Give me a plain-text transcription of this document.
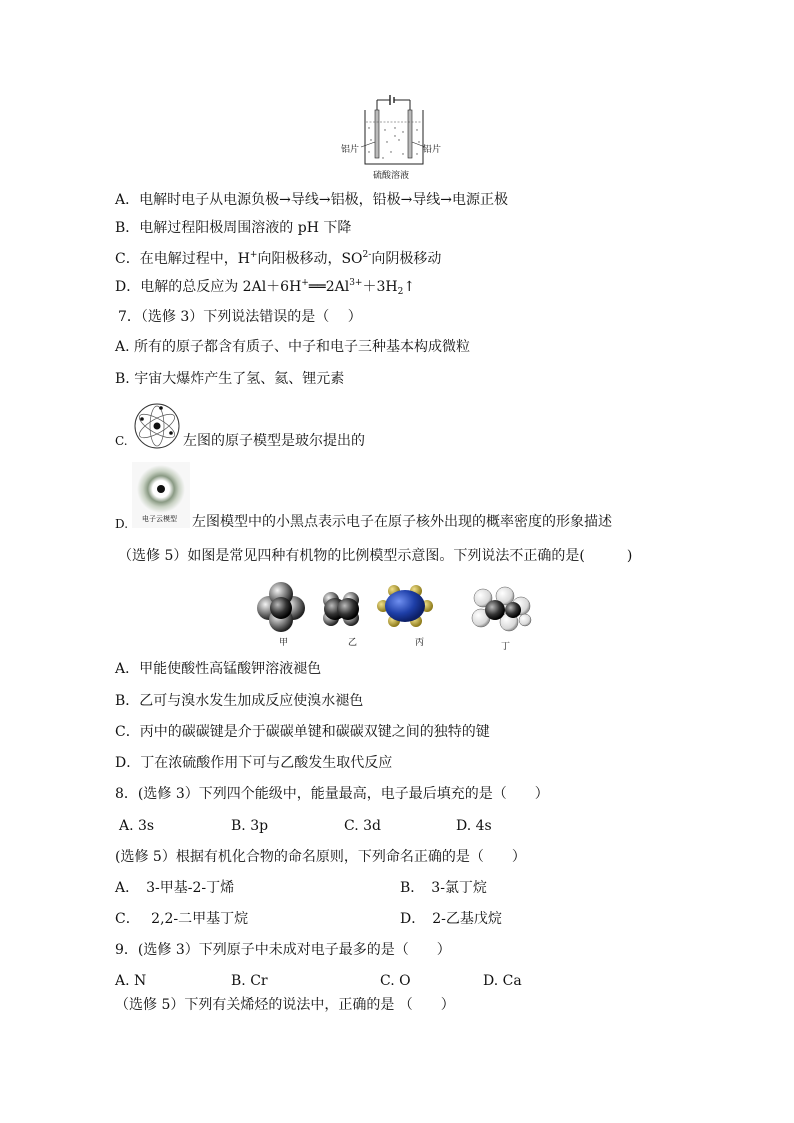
铝片	铅片
硫酸溶液
A．电解时电子从电源负极→导线→铝极，铅极→导线→电源正极
B．电解过程阳极周围溶液的 pH 下降
C．在电解过程中，H+向阳极移动，$SO^{2-}$向阴极移动
D．电解的总反应为 $2Al+6H^+══2Al^{3+}+3H_2↑$
7．（选修 3）下列说法错误的是（　 ）
A. 所有的原子都含有质子、中子和电子三种基本构成微粒
B. 宇宙大爆炸产生了氢、氦、锂元素
C.	左图的原子模型是玻尔提出的
D. 电子云模型 左图模型中的小黑点表示电子在原子核外出现的概率密度的形象描述
（选修 5）如图是常见四种有机物的比例模型示意图。下列说法不正确的是(　　　)
甲	乙	丙	丁
A．甲能使酸性高锰酸钾溶液褪色
B．乙可与溴水发生加成反应使溴水褪色
C．丙中的碳碳键是介于碳碳单键和碳碳双键之间的独特的键
D．丁在浓硫酸作用下可与乙酸发生取代反应
8．(选修 3）下列四个能级中，能量最高，电子最后填充的是（　　）
A. 3s	B. 3p	C. 3d	D. 4s
(选修 5）根据有机化合物的命名原则，下列命名正确的是（　　）
A．　3-甲基-2-丁烯	B．　3-氯丁烷
C．　 2,2-二甲基丁烷	D．　2-乙基戊烷
9．(选修 3）下列原子中未成对电子最多的是（　　）
A. N	B. Cr	C. O	D. Ca
（选修 5）下列有关烯烃的说法中，正确的是 （　　）
